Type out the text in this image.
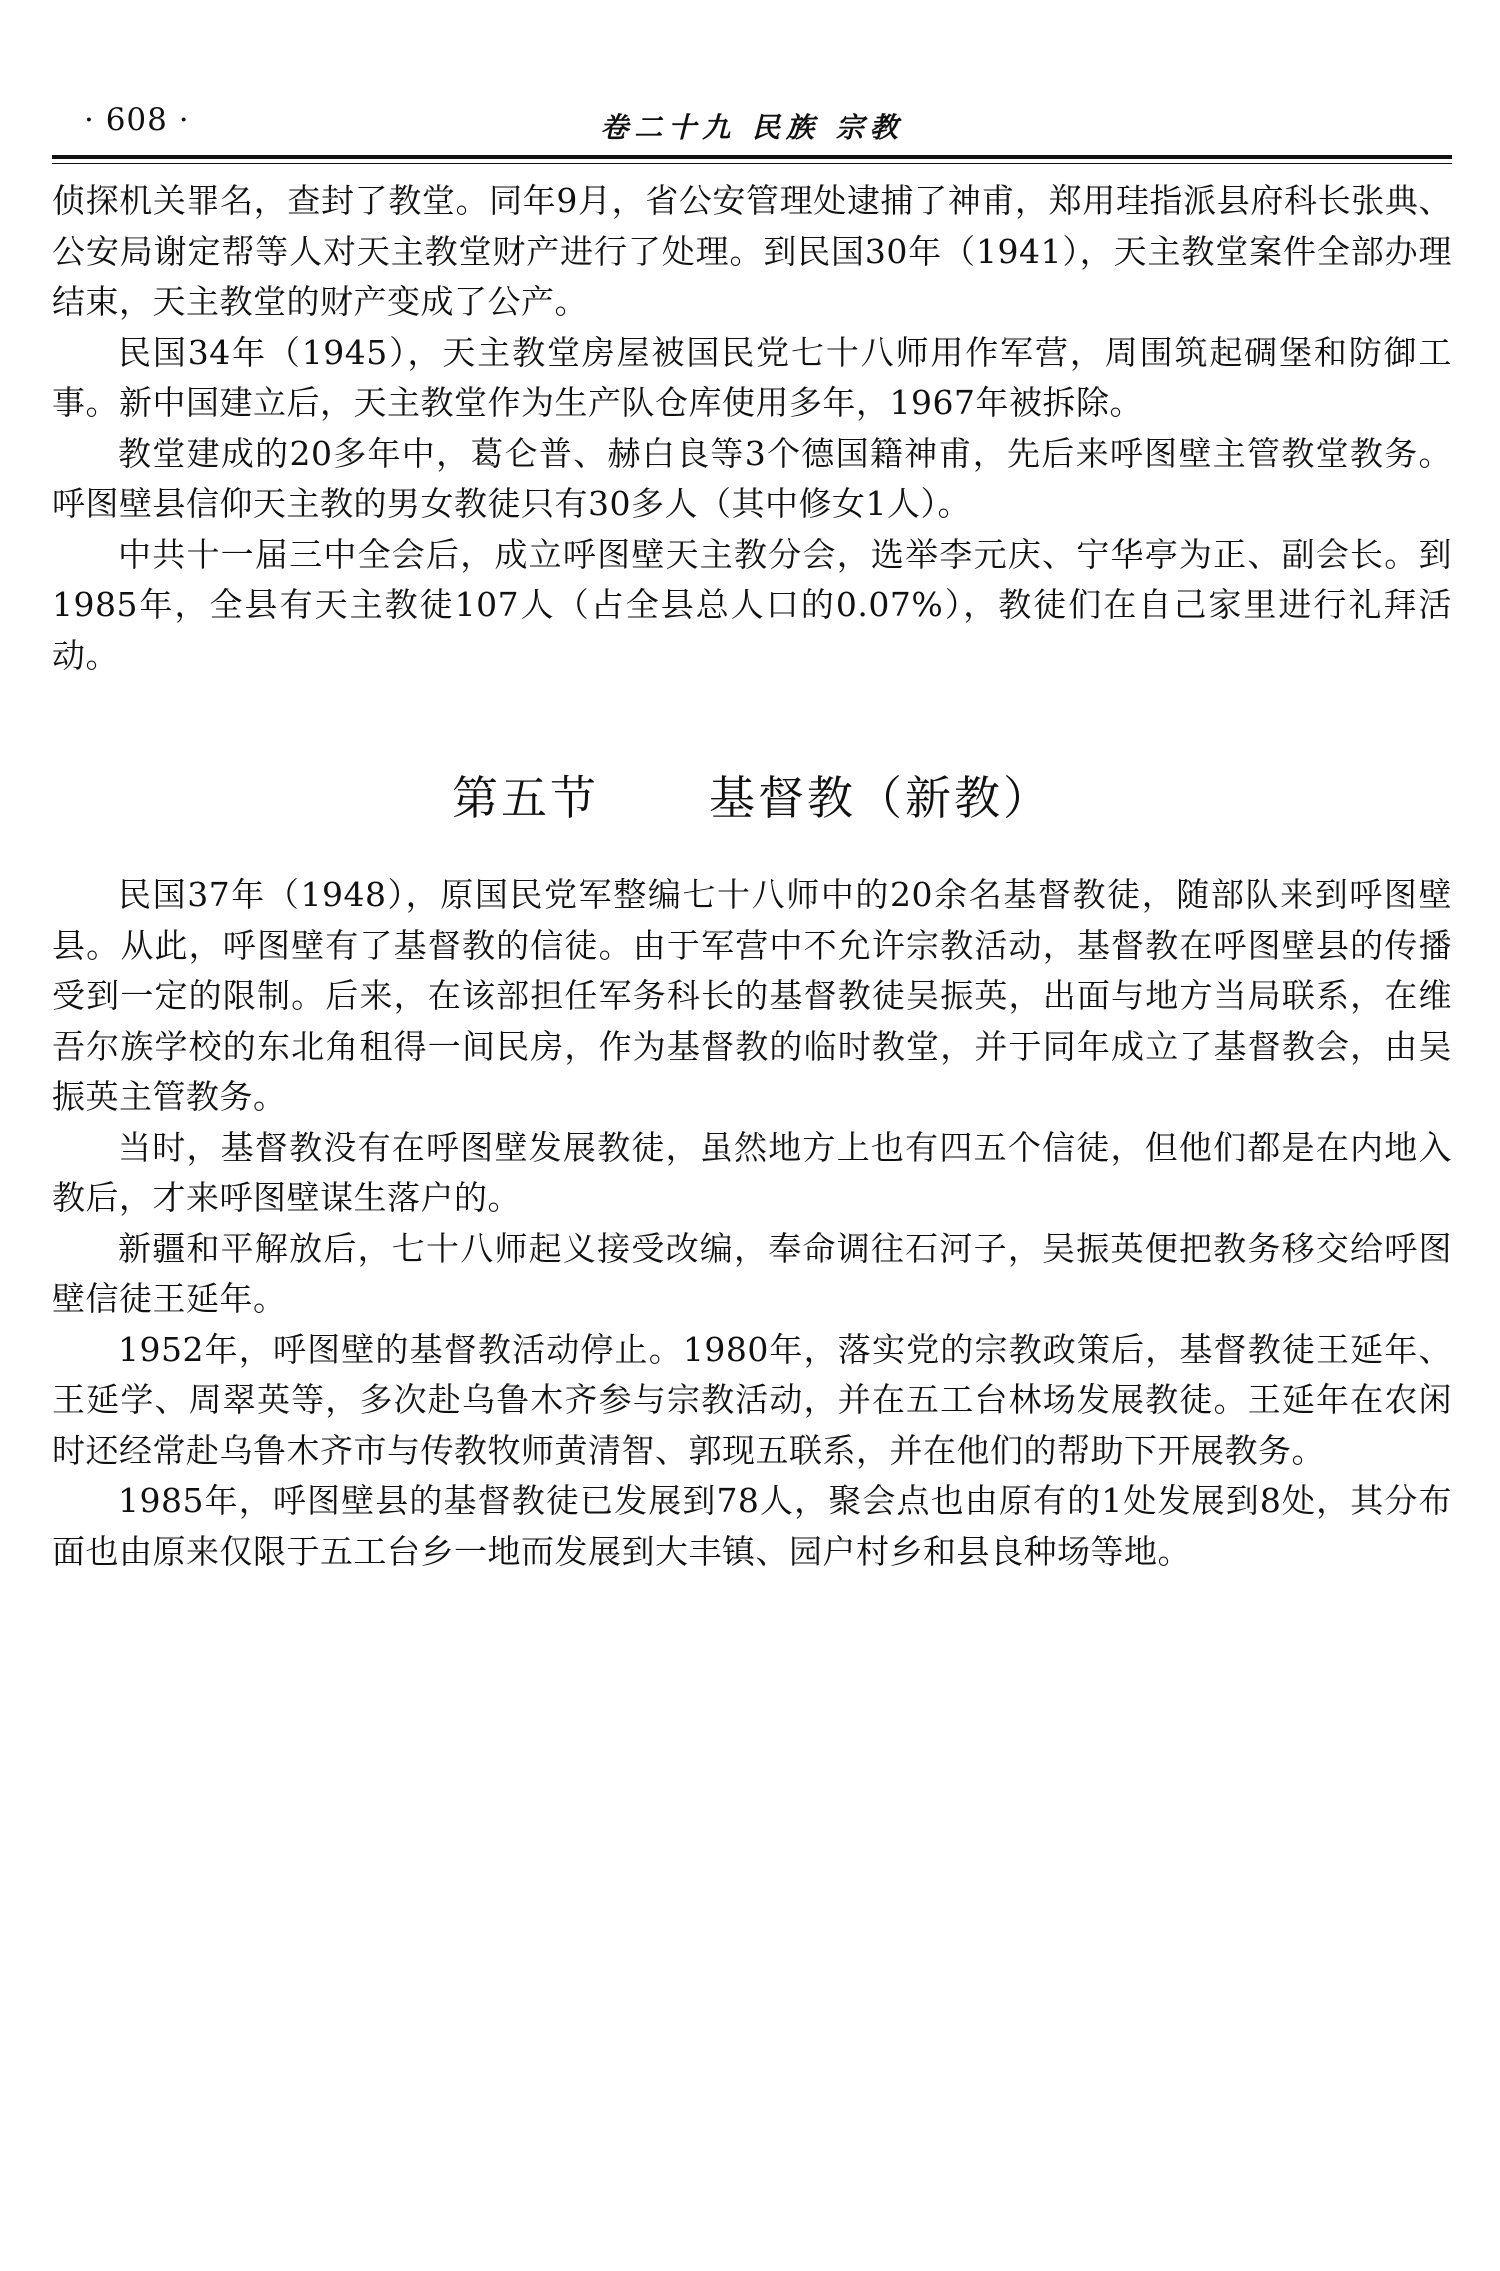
· 608 ·	卷二十九 民族 宗教

侦探机关罪名，查封了教堂。同年9月，省公安管理处逮捕了神甫，郑用珪指派县府科长张典、公安局谢定帮等人对天主教堂财产进行了处理。到民国30年（1941），天主教堂案件全部办理结束，天主教堂的财产变成了公产。

民国34年（1945），天主教堂房屋被国民党七十八师用作军营，周围筑起碉堡和防御工事。新中国建立后，天主教堂作为生产队仓库使用多年，1967年被拆除。

教堂建成的20多年中，葛仑普、赫白良等3个德国籍神甫，先后来呼图壁主管教堂教务。呼图壁县信仰天主教的男女教徒只有30多人（其中修女1人）。

中共十一届三中全会后，成立呼图壁天主教分会，选举李元庆、宁华亭为正、副会长。到1985年，全县有天主教徒107人（占全县总人口的0.07%），教徒们在自己家里进行礼拜活动。

第五节 基督教（新教）

民国37年（1948），原国民党军整编七十八师中的20余名基督教徒，随部队来到呼图壁县。从此，呼图壁有了基督教的信徒。由于军营中不允许宗教活动，基督教在呼图壁县的传播受到一定的限制。后来，在该部担任军务科长的基督教徒吴振英，出面与地方当局联系，在维吾尔族学校的东北角租得一间民房，作为基督教的临时教堂，并于同年成立了基督教会，由吴振英主管教务。

当时，基督教没有在呼图壁发展教徒，虽然地方上也有四五个信徒，但他们都是在内地入教后，才来呼图壁谋生落户的。

新疆和平解放后，七十八师起义接受改编，奉命调往石河子，吴振英便把教务移交给呼图壁信徒王延年。

1952年，呼图壁的基督教活动停止。1980年，落实党的宗教政策后，基督教徒王延年、王延学、周翠英等，多次赴乌鲁木齐参与宗教活动，并在五工台林场发展教徒。王延年在农闲时还经常赴乌鲁木齐市与传教牧师黄清智、郭现五联系，并在他们的帮助下开展教务。

1985年，呼图壁县的基督教徒已发展到78人，聚会点也由原有的1处发展到8处，其分布面也由原来仅限于五工台乡一地而发展到大丰镇、园户村乡和县良种场等地。
